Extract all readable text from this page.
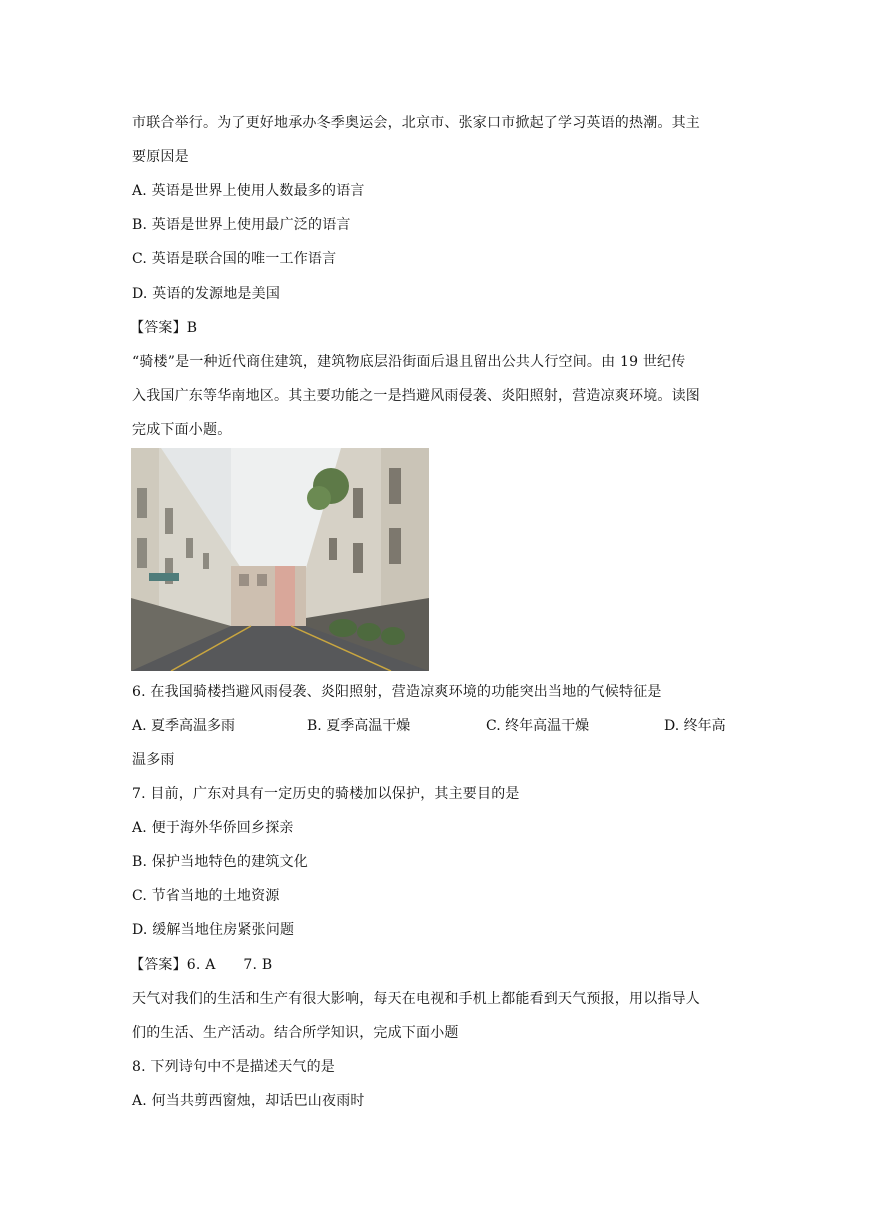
市联合举行。为了更好地承办冬季奥运会，北京市、张家口市掀起了学习英语的热潮。其主
要原因是
A. 英语是世界上使用人数最多的语言
B. 英语是世界上使用最广泛的语言
C. 英语是联合国的唯一工作语言
D. 英语的发源地是美国
【答案】B
“骑楼”是一种近代商住建筑，建筑物底层沿街面后退且留出公共人行空间。由 19 世纪传
入我国广东等华南地区。其主要功能之一是挡避风雨侵袭、炎阳照射，营造凉爽环境。读图
完成下面小题。
6. 在我国骑楼挡避风雨侵袭、炎阳照射，营造凉爽环境的功能突出当地的气候特征是
A. 夏季高温多雨	B. 夏季高温干燥	C. 终年高温干燥	D. 终年高
温多雨
7. 目前，广东对具有一定历史的骑楼加以保护，其主要目的是
A. 便于海外华侨回乡探亲
B. 保护当地特色的建筑文化
C. 节省当地的土地资源
D. 缓解当地住房紧张问题
【答案】6. A      7. B
天气对我们的生活和生产有很大影响，每天在电视和手机上都能看到天气预报，用以指导人
们的生活、生产活动。结合所学知识，完成下面小题
8. 下列诗句中不是描述天气的是
A. 何当共剪西窗烛，却话巴山夜雨时
